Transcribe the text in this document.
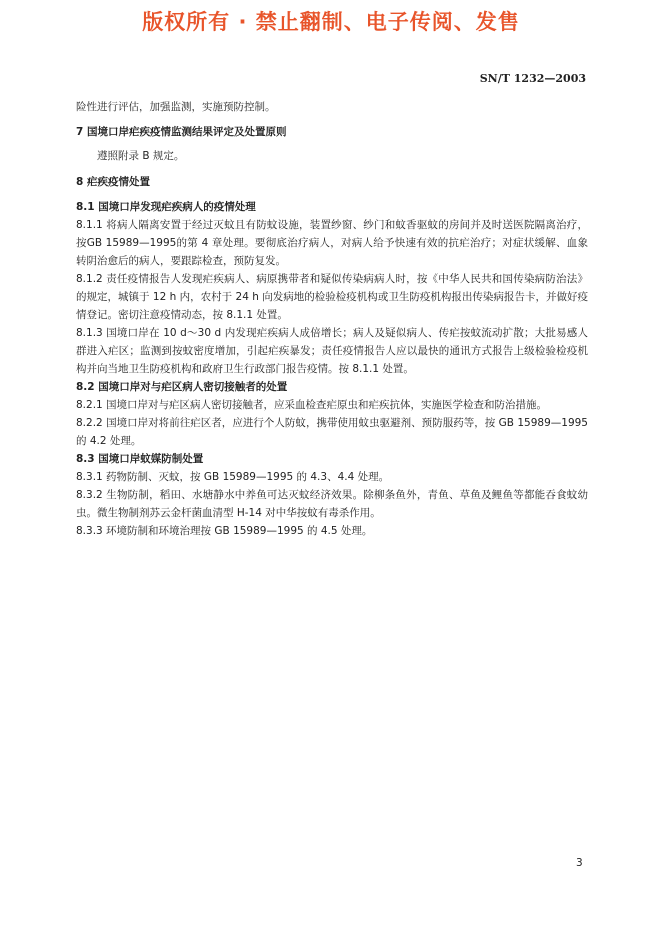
版权所有 · 禁止翻制、电子传阅、发售
SN/T 1232—2003

险性进行评估，加强监测，实施预防控制。

7 国境口岸疟疾疫情监测结果评定及处置原则

遵照附录 B 规定。

8 疟疾疫情处置

8.1 国境口岸发现疟疾病人的疫情处理

8.1.1 将病人隔离安置于经过灭蚊且有防蚊设施，装置纱窗、纱门和蚊香驱蚊的房间并及时送医院隔离治疗，按GB 15989—1995的第 4 章处理。要彻底治疗病人，对病人给予快速有效的抗疟治疗；对症状缓解、血象转阴治愈后的病人，要跟踪检查，预防复发。

8.1.2 责任疫情报告人发现疟疾病人、病原携带者和疑似传染病病人时，按《中华人民共和国传染病防治法》的规定，城镇于 12 h 内，农村于 24 h 向发病地的检验检疫机构或卫生防疫机构报出传染病报告卡，并做好疫情登记。密切注意疫情动态，按 8.1.1 处置。

8.1.3 国境口岸在 10 d～30 d 内发现疟疾病人成倍增长；病人及疑似病人、传疟按蚊流动扩散；大批易感人群进入疟区；监测到按蚊密度增加，引起疟疾暴发；责任疫情报告人应以最快的通讯方式报告上级检验检疫机构并向当地卫生防疫机构和政府卫生行政部门报告疫情。按 8.1.1 处置。

8.2 国境口岸对与疟区病人密切接触者的处置

8.2.1 国境口岸对与疟区病人密切接触者，应采血检查疟原虫和疟疾抗体，实施医学检查和防治措施。

8.2.2 国境口岸对将前往疟区者，应进行个人防蚊，携带使用蚊虫驱避剂、预防服药等，按 GB 15989—1995 的 4.2 处理。

8.3 国境口岸蚊媒防制处置

8.3.1 药物防制、灭蚊，按 GB 15989—1995 的 4.3、4.4 处理。

8.3.2 生物防制，稻田、水塘静水中养鱼可达灭蚊经济效果。除柳条鱼外，青鱼、草鱼及鲤鱼等都能吞食蚊幼虫。微生物制剂苏云金杆菌血清型 H-14 对中华按蚊有毒杀作用。

8.3.3 环境防制和环境治理按 GB 15989—1995 的 4.5 处理。

3
